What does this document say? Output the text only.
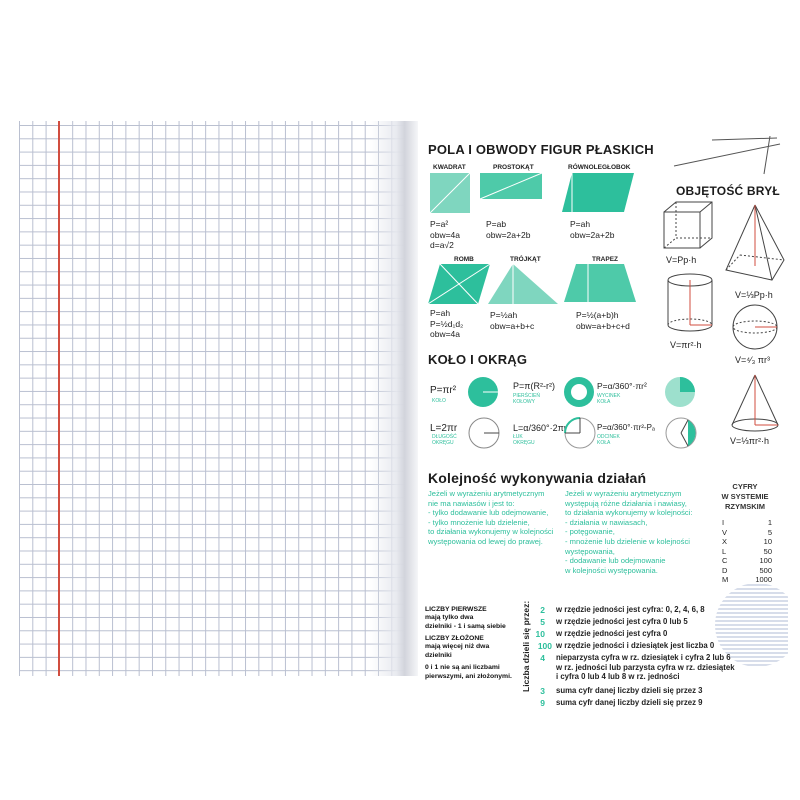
POLA I OBWODY FIGUR PŁASKICH
KWADRAT	PROSTOKĄT	RÓWNOLEGŁOBOK
P=a²
obw=4a
d=a√2
P=ab
obw=2a+2b
P=ah
obw=2a+2b
ROMB	TRÓJKĄT	TRAPEZ
P=ah
P=½d₁d₂
obw=4a
P=½ah
obw=a+b+c
P=½(a+b)h
obw=a+b+c+d
OBJĘTOŚĆ BRYŁ
V=Pp·h
V=⅓Pp·h
V=πr²·h
V=⁴⁄₃ πr³
V=⅓πr²·h
KOŁO I OKRĄG
P=πr²
KOŁO
P=π(R²-r²)
PIERŚCIEŃ
KOŁOWY
P=α/360°·πr²
WYCINEK
KOŁA
L=2πr
DŁUGOŚĆ
OKRĘGU
L=α/360°·2πr
ŁUK
OKRĘGU
P=α/360°·πr²-Pₐ
ODCINEK
KOŁA
Kolejność wykonywania działań
Jeżeli w wyrażeniu arytmetycznym
nie ma nawiasów i jest to:
- tylko dodawanie lub odejmowanie,
- tylko mnożenie lub dzielenie,
to działania wykonujemy w kolejności
występowania od lewej do prawej.
Jeżeli w wyrażeniu arytmetycznym
występują różne działania i nawiasy,
to działania wykonujemy w kolejności:
- działania w nawiasach,
- potęgowanie,
- mnożenie lub dzielenie w kolejności
występowania,
- dodawanie lub odejmowanie
w kolejności występowania.
CYFRY
W SYSTEMIE
RZYMSKIM
I	1
V	5
X	10
L	50
C	100
D	500
M	1000
LICZBY PIERWSZE
mają tylko dwa
dzielniki - 1 i samą siebie
LICZBY ZŁOŻONE
mają więcej niż dwa
dzielniki
0 i 1 nie są ani liczbami
pierwszymi, ani złożonymi. Liczba dzieli się przez:	2 w rzędzie jedności jest cyfra: 0, 2, 4, 6, 8
5 w rzędzie jedności jest cyfra 0 lub 5
10 w rzędzie jedności jest cyfra 0
100 w rzędzie jedności i dziesiątek jest liczba 0
4 nieparzysta cyfra w rz. dziesiątek i cyfra 2 lub 6
w rz. jedności lub parzysta cyfra w rz. dziesiątek
i cyfra 0 lub 4 lub 8 w rz. jedności
3 suma cyfr danej liczby dzieli się przez 3
9 suma cyfr danej liczby dzieli się przez 9
